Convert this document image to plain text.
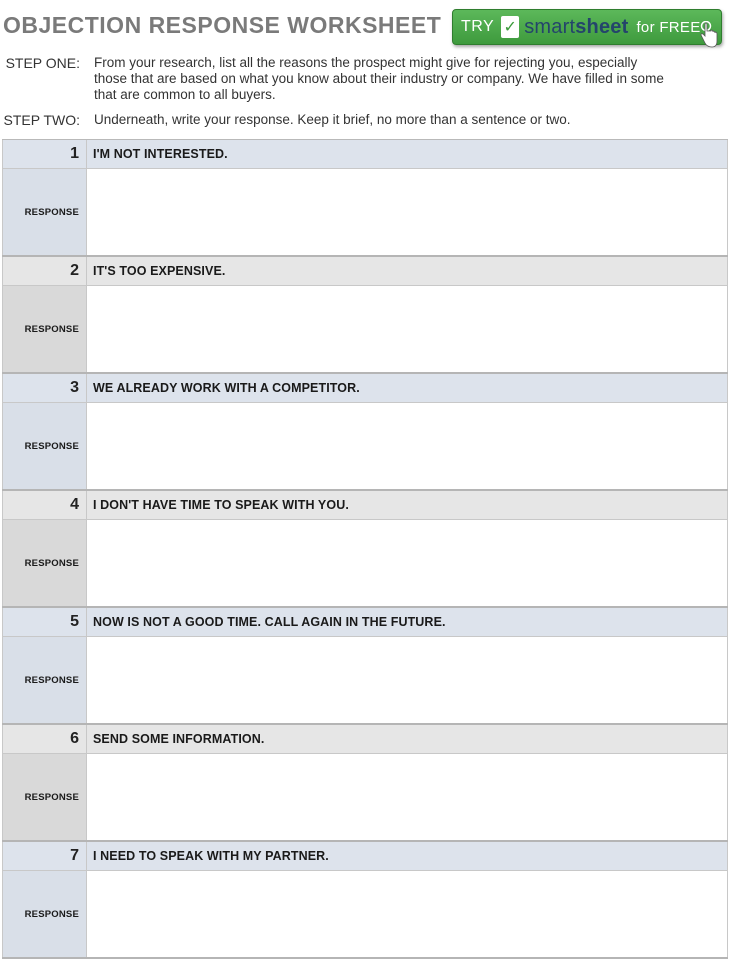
OBJECTION RESPONSE WORKSHEET TRY ✓ smartsheet for FREE
STEP ONE:	From your research, list all the reasons the prospect might give for rejecting you, especially those that are based on what you know about their industry or company. We have filled in some that are common to all buyers.
STEP TWO:	Underneath, write your response. Keep it brief, no more than a sentence or two.
1	I'M NOT INTERESTED.
RESPONSE
2	IT'S TOO EXPENSIVE.
RESPONSE
3	WE ALREADY WORK WITH A COMPETITOR.
RESPONSE
4	I DON'T HAVE TIME TO SPEAK WITH YOU.
RESPONSE
5	NOW IS NOT A GOOD TIME. CALL AGAIN IN THE FUTURE.
RESPONSE
6	SEND SOME INFORMATION.
RESPONSE
7	I NEED TO SPEAK WITH MY PARTNER.
RESPONSE
